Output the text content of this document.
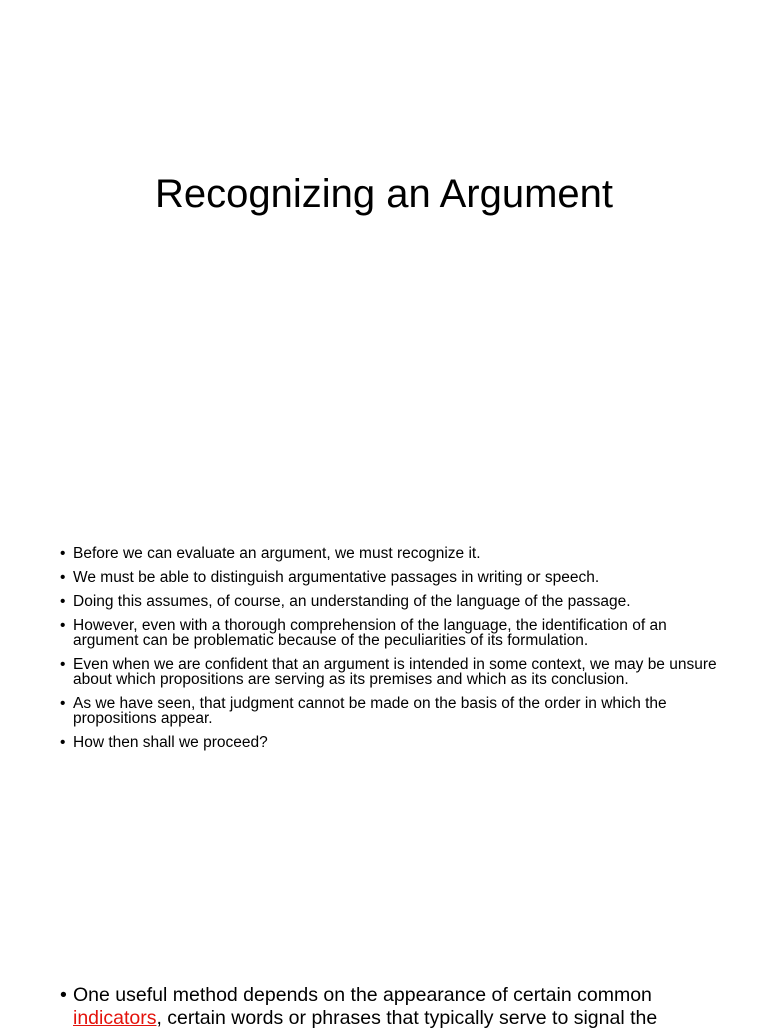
Recognizing an Argument
• Before we can evaluate an argument, we must recognize it.
• We must be able to distinguish argumentative passages in writing or speech.
• Doing this assumes, of course, an understanding of the language of the passage.
• However, even with a thorough comprehension of the language, the identification of an argument can be problematic because of the peculiarities of its formulation.
• Even when we are confident that an argument is intended in some context, we may be unsure about which propositions are serving as its premises and which as its conclusion.
• As we have seen, that judgment cannot be made on the basis of the order in which the propositions appear.
• How then shall we proceed?
• One useful method depends on the appearance of certain common
indicators, certain words or phrases that typically serve to signal the
